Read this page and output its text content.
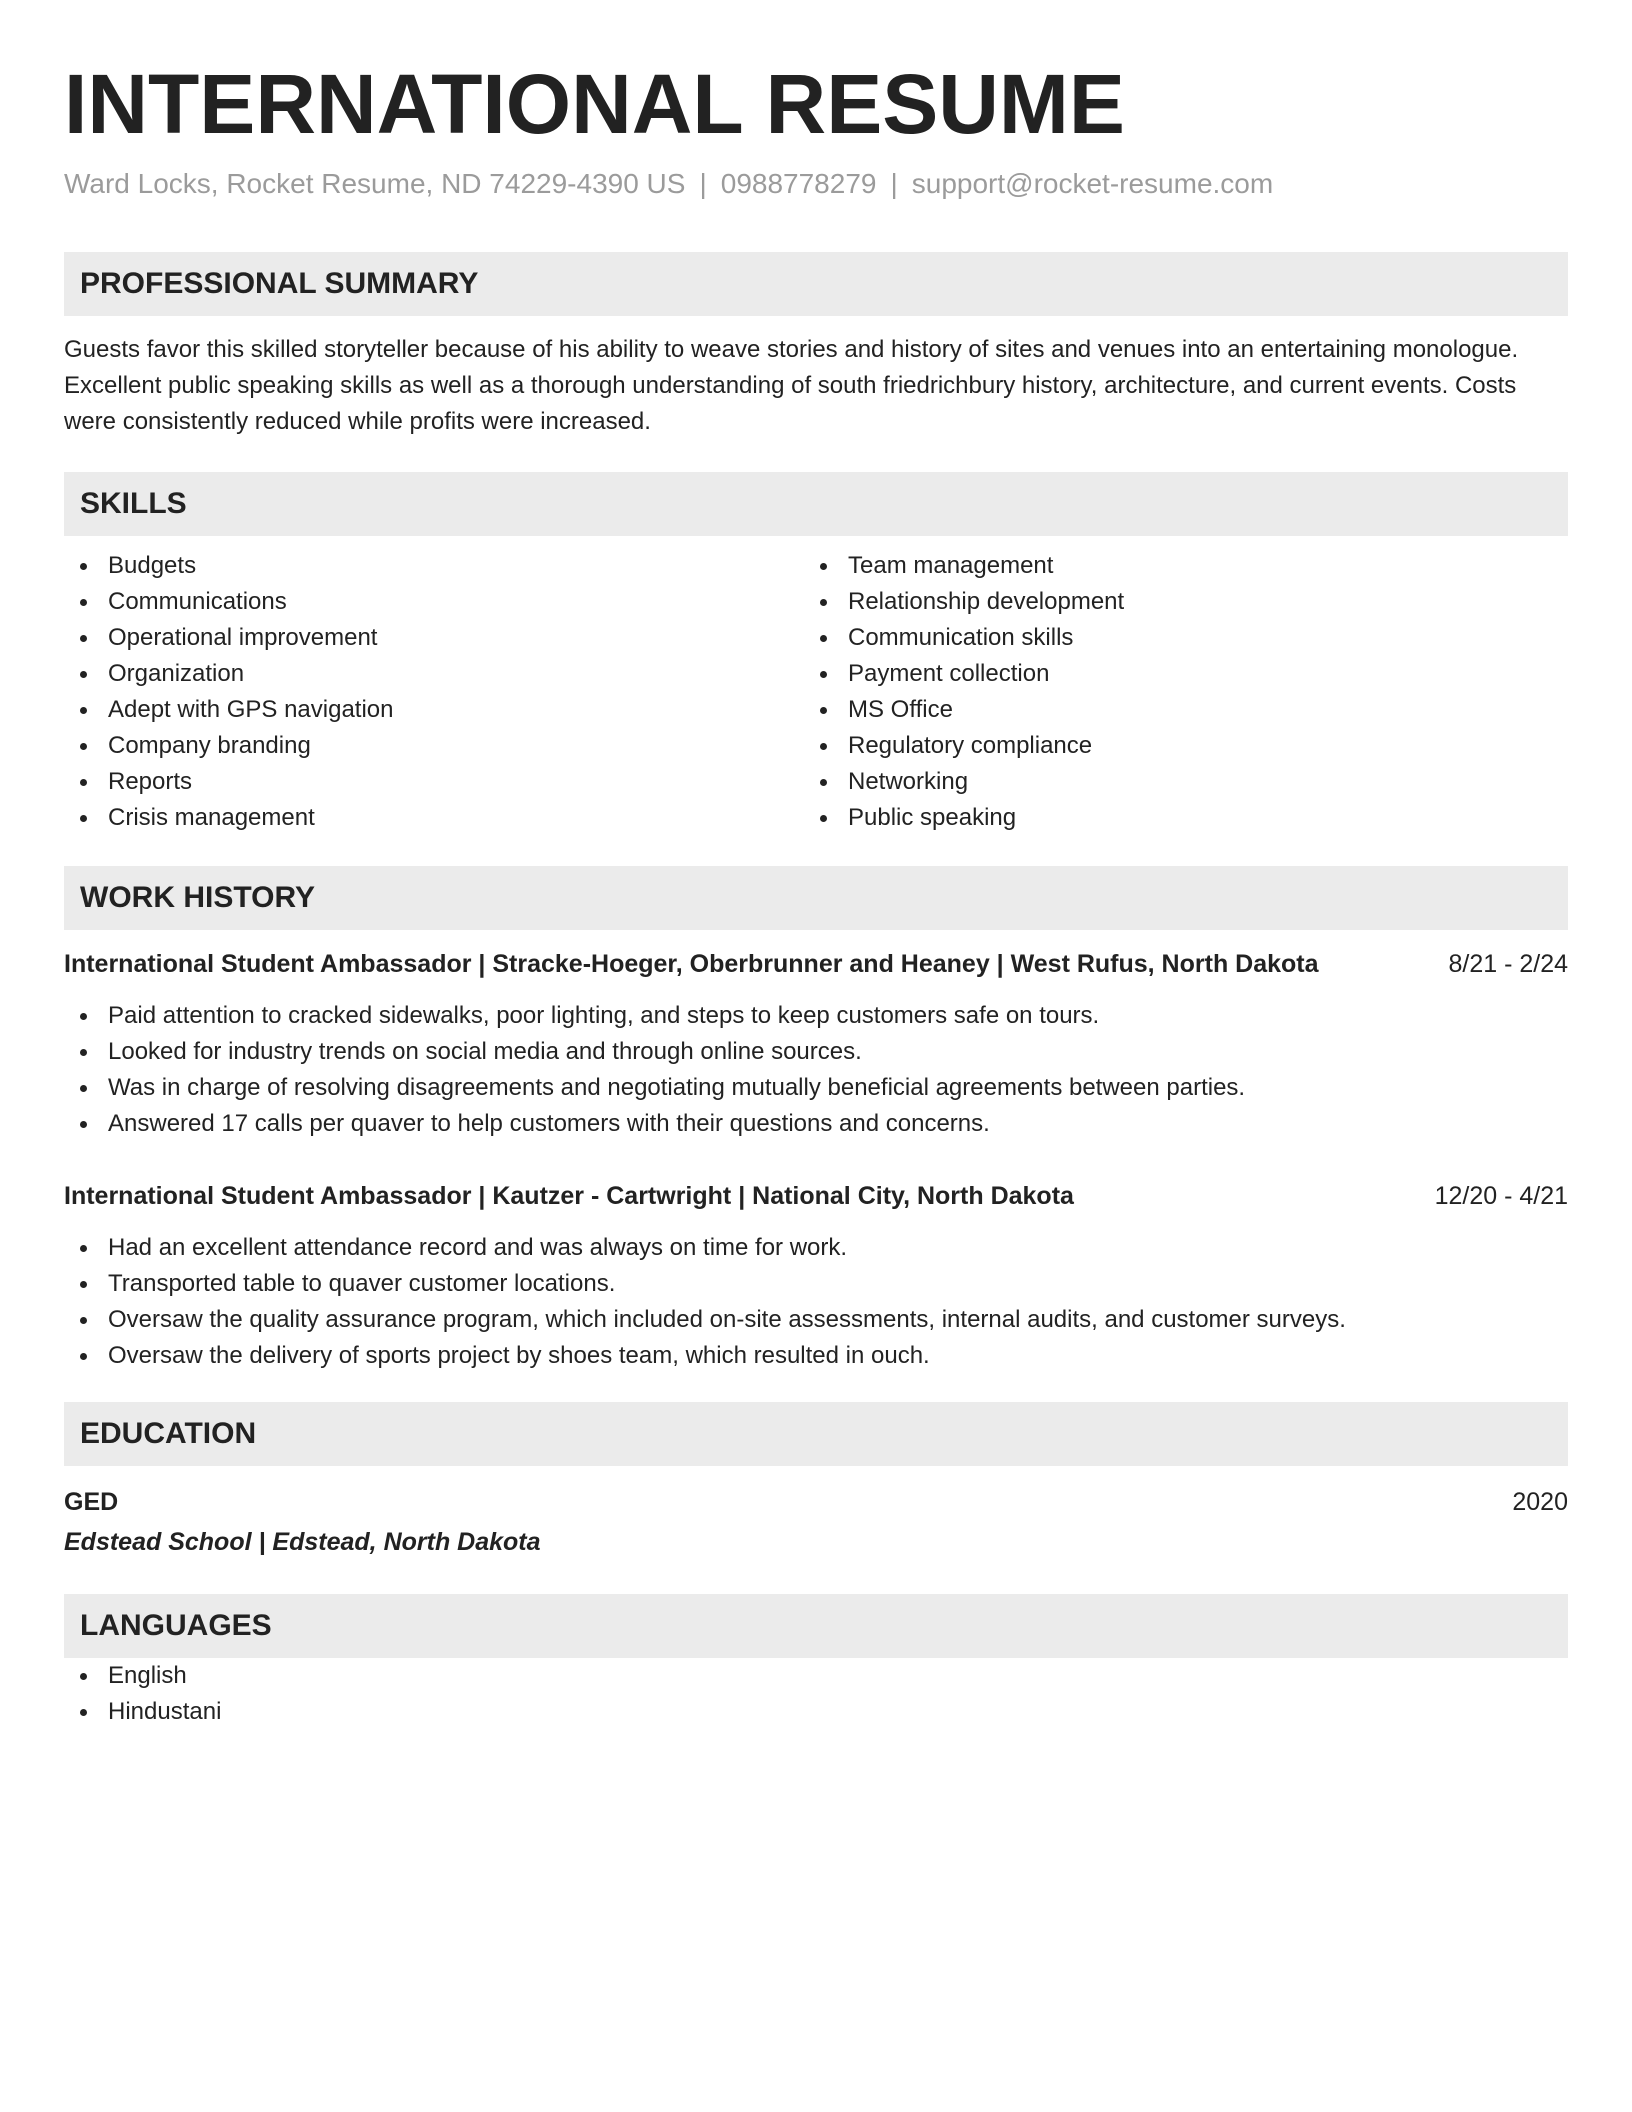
INTERNATIONAL RESUME
Ward Locks, Rocket Resume, ND 74229-4390 US | 0988778279 | support@rocket-resume.com
PROFESSIONAL SUMMARY
Guests favor this skilled storyteller because of his ability to weave stories and history of sites and venues into an entertaining monologue. Excellent public speaking skills as well as a thorough understanding of south friedrichbury history, architecture, and current events. Costs were consistently reduced while profits were increased.
SKILLS
Budgets
Communications
Operational improvement
Organization
Adept with GPS navigation
Company branding
Reports
Crisis management
Team management
Relationship development
Communication skills
Payment collection
MS Office
Regulatory compliance
Networking
Public speaking
WORK HISTORY
International Student Ambassador | Stracke-Hoeger, Oberbrunner and Heaney | West Rufus, North Dakota	8/21 - 2/24
Paid attention to cracked sidewalks, poor lighting, and steps to keep customers safe on tours.
Looked for industry trends on social media and through online sources.
Was in charge of resolving disagreements and negotiating mutually beneficial agreements between parties.
Answered 17 calls per quaver to help customers with their questions and concerns.
International Student Ambassador | Kautzer - Cartwright | National City, North Dakota	12/20 - 4/21
Had an excellent attendance record and was always on time for work.
Transported table to quaver customer locations.
Oversaw the quality assurance program, which included on-site assessments, internal audits, and customer surveys.
Oversaw the delivery of sports project by shoes team, which resulted in ouch.
EDUCATION
GED	2020
Edstead School | Edstead, North Dakota
LANGUAGES
English
Hindustani
